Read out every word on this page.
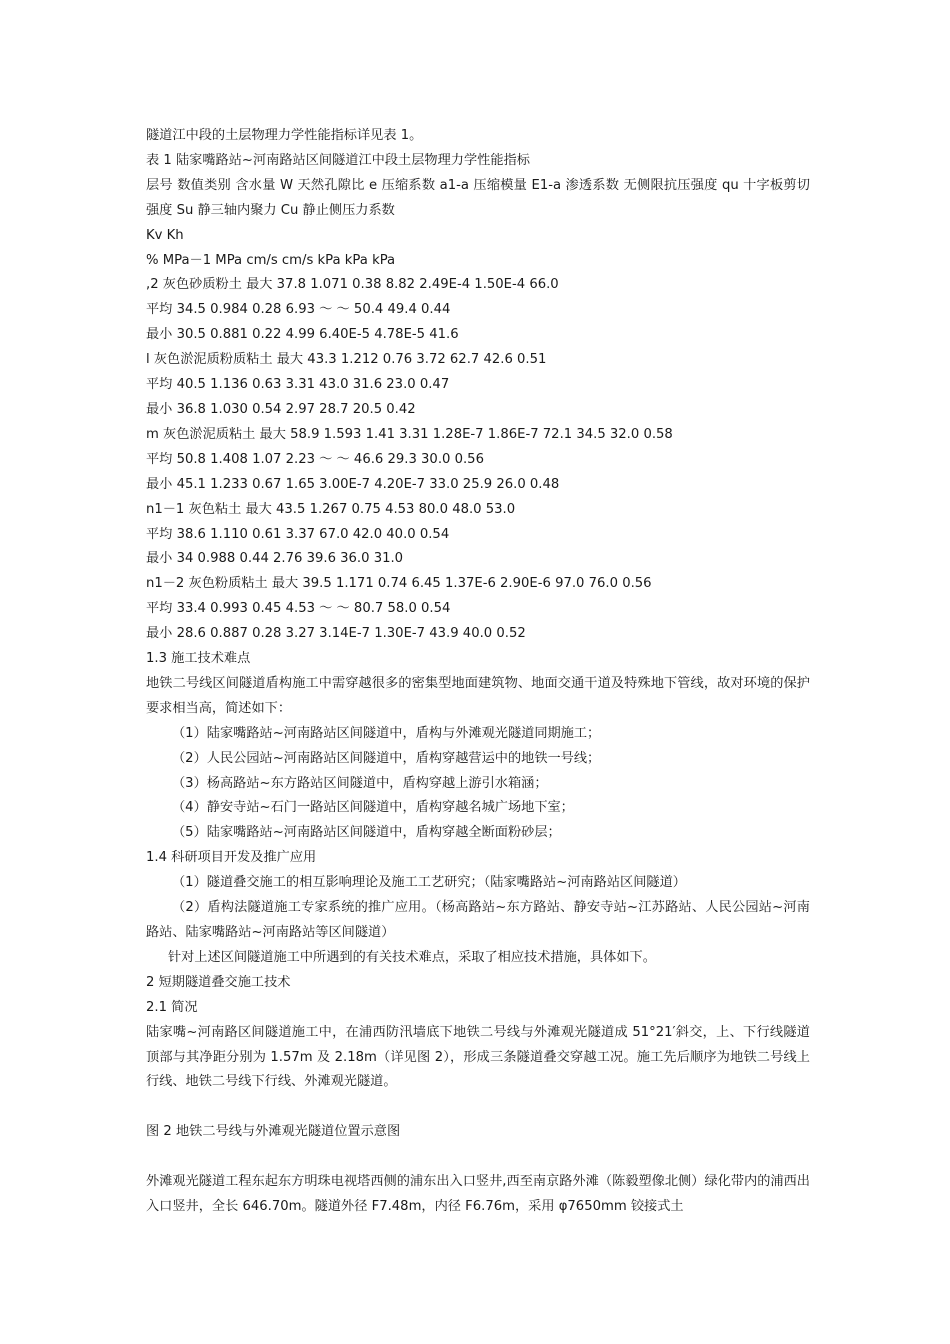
隧道江中段的土层物理力学性能指标详见表 1。
表 1 陆家嘴路站~河南路站区间隧道江中段土层物理力学性能指标
层号 数值类别 含水量 W 天然孔隙比 e 压缩系数 a1-a 压缩模量 E1-a 渗透系数 无侧限抗压强度 qu 十字板剪切强度 Su 静三轴内聚力 Cu 静止侧压力系数
Kv Kh
% MPa－1 MPa cm/s cm/s kPa kPa kPa
,2 灰色砂质粉土 最大 37.8 1.071 0.38 8.82 2.49E-4 1.50E-4 66.0
平均 34.5 0.984 0.28 6.93 ～ ～ 50.4 49.4 0.44
最小 30.5 0.881 0.22 4.99 6.40E-5 4.78E-5 41.6
l 灰色淤泥质粉质粘土 最大 43.3 1.212 0.76 3.72 62.7 42.6 0.51
平均 40.5 1.136 0.63 3.31 43.0 31.6 23.0 0.47
最小 36.8 1.030 0.54 2.97 28.7 20.5 0.42
m 灰色淤泥质粘土 最大 58.9 1.593 1.41 3.31 1.28E-7 1.86E-7 72.1 34.5 32.0 0.58
平均 50.8 1.408 1.07 2.23 ～ ～ 46.6 29.3 30.0 0.56
最小 45.1 1.233 0.67 1.65 3.00E-7 4.20E-7 33.0 25.9 26.0 0.48
n1－1 灰色粘土 最大 43.5 1.267 0.75 4.53 80.0 48.0 53.0
平均 38.6 1.110 0.61 3.37 67.0 42.0 40.0 0.54
最小 34 0.988 0.44 2.76 39.6 36.0 31.0
n1－2 灰色粉质粘土 最大 39.5 1.171 0.74 6.45 1.37E-6 2.90E-6 97.0 76.0 0.56
平均 33.4 0.993 0.45 4.53 ～ ～ 80.7 58.0 0.54
最小 28.6 0.887 0.28 3.27 3.14E-7 1.30E-7 43.9 40.0 0.52
1.3 施工技术难点
地铁二号线区间隧道盾构施工中需穿越很多的密集型地面建筑物、地面交通干道及特殊地下管线，故对环境的保护要求相当高，简述如下：
（1）陆家嘴路站~河南路站区间隧道中，盾构与外滩观光隧道同期施工；
（2）人民公园站~河南路站区间隧道中，盾构穿越营运中的地铁一号线；
（3）杨高路站~东方路站区间隧道中，盾构穿越上游引水箱涵；
（4）静安寺站~石门一路站区间隧道中，盾构穿越名城广场地下室；
（5）陆家嘴路站~河南路站区间隧道中，盾构穿越全断面粉砂层；
1.4 科研项目开发及推广应用
（1）隧道叠交施工的相互影响理论及施工工艺研究；（陆家嘴路站~河南路站区间隧道）
（2）盾构法隧道施工专家系统的推广应用。（杨高路站~东方路站、静安寺站~江苏路站、人民公园站~河南路站、陆家嘴路站~河南路站等区间隧道）
针对上述区间隧道施工中所遇到的有关技术难点，采取了相应技术措施，具体如下。
2 短期隧道叠交施工技术
2.1 简况
陆家嘴~河南路区间隧道施工中，在浦西防汛墙底下地铁二号线与外滩观光隧道成 51°21′斜交，上、下行线隧道顶部与其净距分别为 1.57m 及 2.18m（详见图 2），形成三条隧道叠交穿越工况。施工先后顺序为地铁二号线上行线、地铁二号线下行线、外滩观光隧道。
图 2 地铁二号线与外滩观光隧道位置示意图
外滩观光隧道工程东起东方明珠电视塔西侧的浦东出入口竖井,西至南京路外滩（陈毅塑像北侧）绿化带内的浦西出入口竖井，全长 646.70m。隧道外径 F7.48m，内径 F6.76m，采用 φ7650mm 铰接式土
